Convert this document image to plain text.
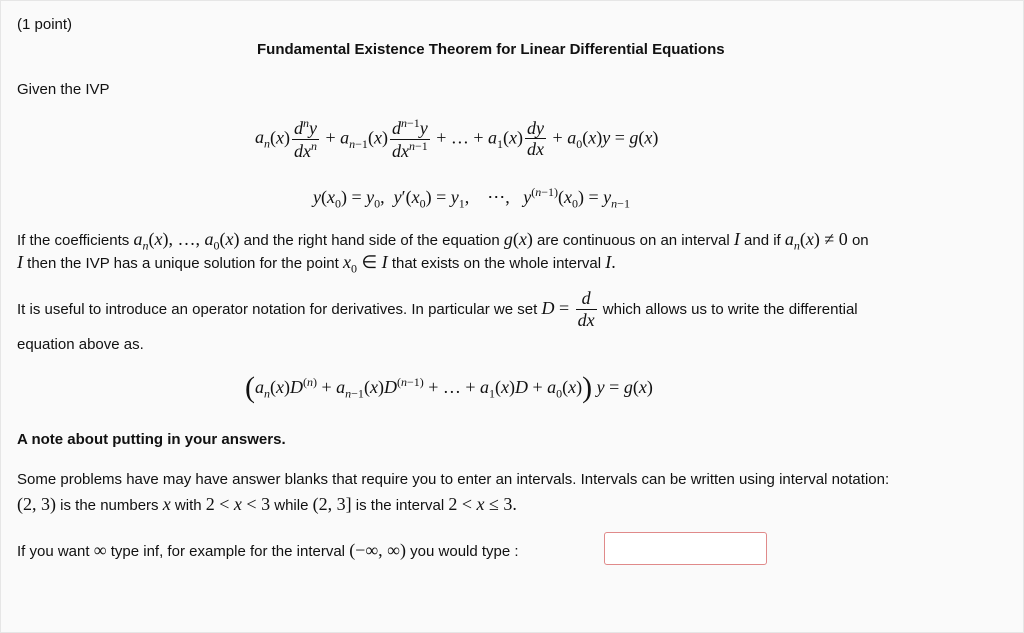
(1 point)
Fundamental Existence Theorem for Linear Differential Equations
Given the IVP
$a_n(x) \frac{d^ny}{dx^n} + a_{n-1}(x) \frac{d^{n-1}y}{dx^{n-1}}$ + … + $a_1(x) \frac{dy}{dx} + a_0(x)y = g(x)$
$y(x_0) = y_0$,  $y'(x_0) = y_1$,    ⋯,   $y^{(n-1)}(x_0) = y_{n-1}$
If the coefficients $a_n(x)$, …, $a_0(x)$ and the right hand side of the equation g(x) are continuous on an interval I and if $a_n(x) \ne 0$ on
I then the IVP has a unique solution for the point $x_0$ ∈ I that exists on the whole interval I.
It is useful to introduce an operator notation for derivatives. In particular we set $D = \frac{d}{dx}$ which allows us to write the differential
equation above as.
($a_n(x)D^{(n)} + a_{n-1}(x)D^{(n-1)}$ + … + $a_1(x)D + a_0(x)$) y = g(x)
A note about putting in your answers.
Some problems have may have answer blanks that require you to enter an intervals. Intervals can be written using interval notation:
(2, 3) is the numbers x with 2 < x < 3 while (2, 3] is the interval 2 < x ≤ 3.
If you want ∞ type inf, for example for the interval (−∞, ∞) you would type :
